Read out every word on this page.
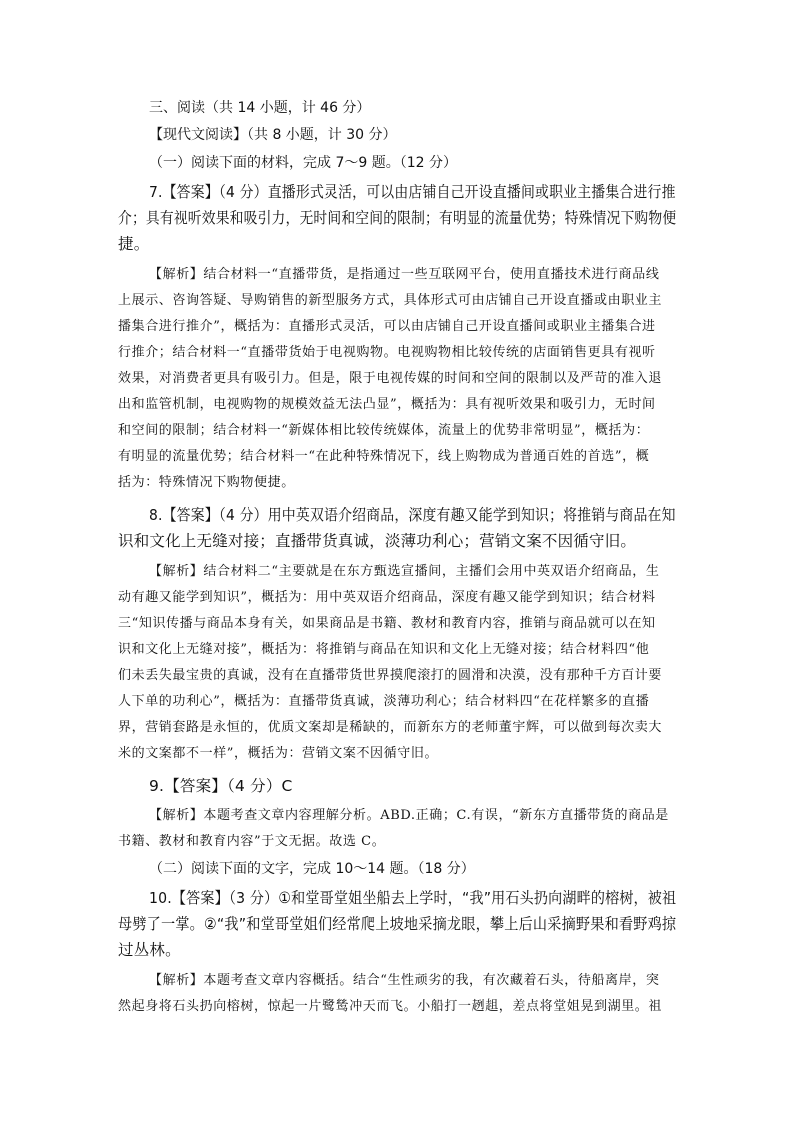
三、阅读（共 14 小题，计 46 分）
【现代文阅读】（共 8 小题，计 30 分）
（一）阅读下面的材料，完成 7～9 题。（12 分）
7.【答案】（4 分）直播形式灵活，可以由店铺自己开设直播间或职业主播集合进行推
介；具有视听效果和吸引力，无时间和空间的限制；有明显的流量优势；特殊情况下购物便
捷。
【解析】结合材料一“直播带货，是指通过一些互联网平台，使用直播技术进行商品线
上展示、咨询答疑、导购销售的新型服务方式，具体形式可由店铺自己开设直播或由职业主
播集合进行推介”，概括为：直播形式灵活，可以由店铺自己开设直播间或职业主播集合进
行推介；结合材料一“直播带货始于电视购物。电视购物相比较传统的店面销售更具有视听
效果，对消费者更具有吸引力。但是，限于电视传媒的时间和空间的限制以及严苛的准入退
出和监管机制，电视购物的规模效益无法凸显”，概括为：具有视听效果和吸引力，无时间
和空间的限制；结合材料一“新媒体相比较传统媒体，流量上的优势非常明显”，概括为：
有明显的流量优势；结合材料一“在此种特殊情况下，线上购物成为普通百姓的首选”，概
括为：特殊情况下购物便捷。
8.【答案】（4 分）用中英双语介绍商品，深度有趣又能学到知识；将推销与商品在知
识和文化上无缝对接；直播带货真诚，淡薄功利心；营销文案不因循守旧。
【解析】结合材料二“主要就是在东方甄选宣播间，主播们会用中英双语介绍商品，生
动有趣又能学到知识”，概括为：用中英双语介绍商品，深度有趣又能学到知识；结合材料
三“知识传播与商品本身有关，如果商品是书籍、教材和教育内容，推销与商品就可以在知
识和文化上无缝对接”，概括为：将推销与商品在知识和文化上无缝对接；结合材料四“他
们未丢失最宝贵的真诚，没有在直播带货世界摸爬滚打的圆滑和决漠，没有那种千方百计要
人下单的功利心”，概括为：直播带货真诚，淡薄功利心；结合材料四“在花样繁多的直播
界，营销套路是永恒的，优质文案却是稀缺的，而新东方的老师董宇辉，可以做到每次卖大
米的文案都不一样”，概括为：营销文案不因循守旧。
9.【答案】（4 分）C
【解析】本题考查文章内容理解分析。ABD.正确；C.有误，“新东方直播带货的商品是
书籍、教材和教育内容”于文无据。故选 C。
（二）阅读下面的文字，完成 10～14 题。（18 分）
10.【答案】（3 分）①和堂哥堂姐坐船去上学时，“我”用石头扔向湖畔的榕树，被祖
母劈了一掌。②“我”和堂哥堂姐们经常爬上坡地采摘龙眼，攀上后山采摘野果和看野鸡掠
过丛林。
【解析】本题考查文章内容概括。结合“生性顽劣的我，有次藏着石头，待船离岸，突
然起身将石头扔向榕树，惊起一片鹭鸶冲天而飞。小船打一趔趄，差点将堂姐晃到湖里。祖
